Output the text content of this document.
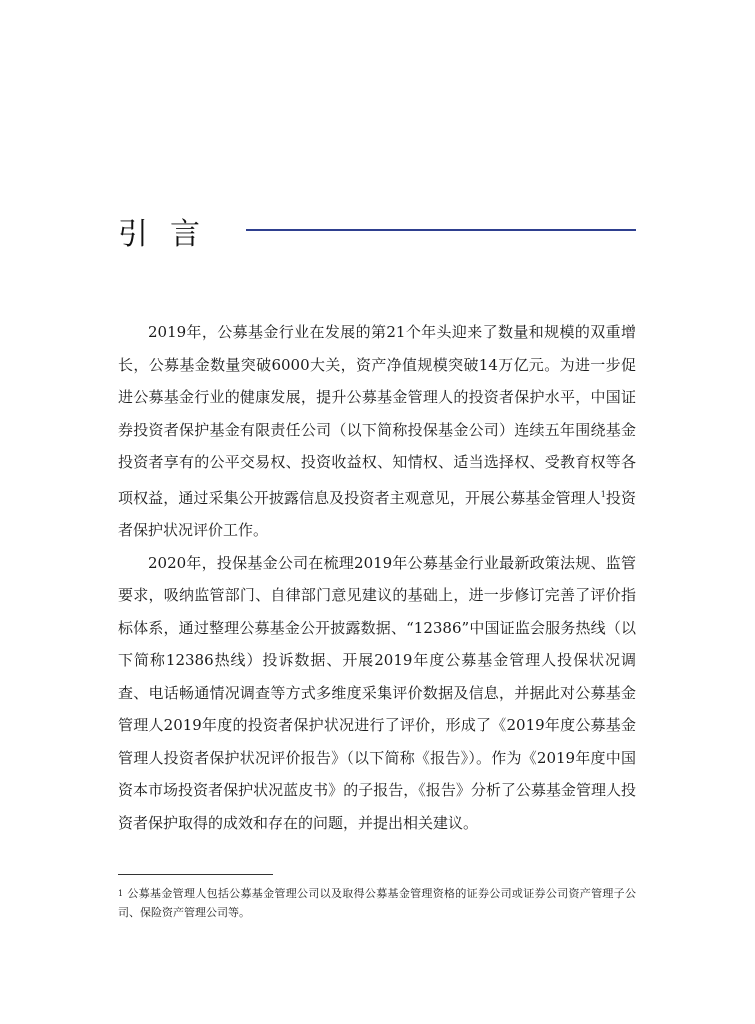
引言

2019年，公募基金行业在发展的第21个年头迎来了数量和规模的双重增长，公募基金数量突破6000大关，资产净值规模突破14万亿元。为进一步促进公募基金行业的健康发展，提升公募基金管理人的投资者保护水平，中国证券投资者保护基金有限责任公司（以下简称投保基金公司）连续五年围绕基金投资者享有的公平交易权、投资收益权、知情权、适当选择权、受教育权等各项权益，通过采集公开披露信息及投资者主观意见，开展公募基金管理人$^1$投资者保护状况评价工作。

2020年，投保基金公司在梳理2019年公募基金行业最新政策法规、监管要求，吸纳监管部门、自律部门意见建议的基础上，进一步修订完善了评价指标体系，通过整理公募基金公开披露数据、“12386”中国证监会服务热线（以下简称12386热线）投诉数据、开展2019年度公募基金管理人投保状况调查、电话畅通情况调查等方式多维度采集评价数据及信息，并据此对公募基金管理人2019年度的投资者保护状况进行了评价，形成了《2019年度公募基金管理人投资者保护状况评价报告》（以下简称《报告》）。作为《2019年度中国资本市场投资者保护状况蓝皮书》的子报告，《报告》分析了公募基金管理人投资者保护取得的成效和存在的问题，并提出相关建议。

$^1$ 公募基金管理人包括公募基金管理公司以及取得公募基金管理资格的证券公司或证券公司资产管理子公司、保险资产管理公司等。
